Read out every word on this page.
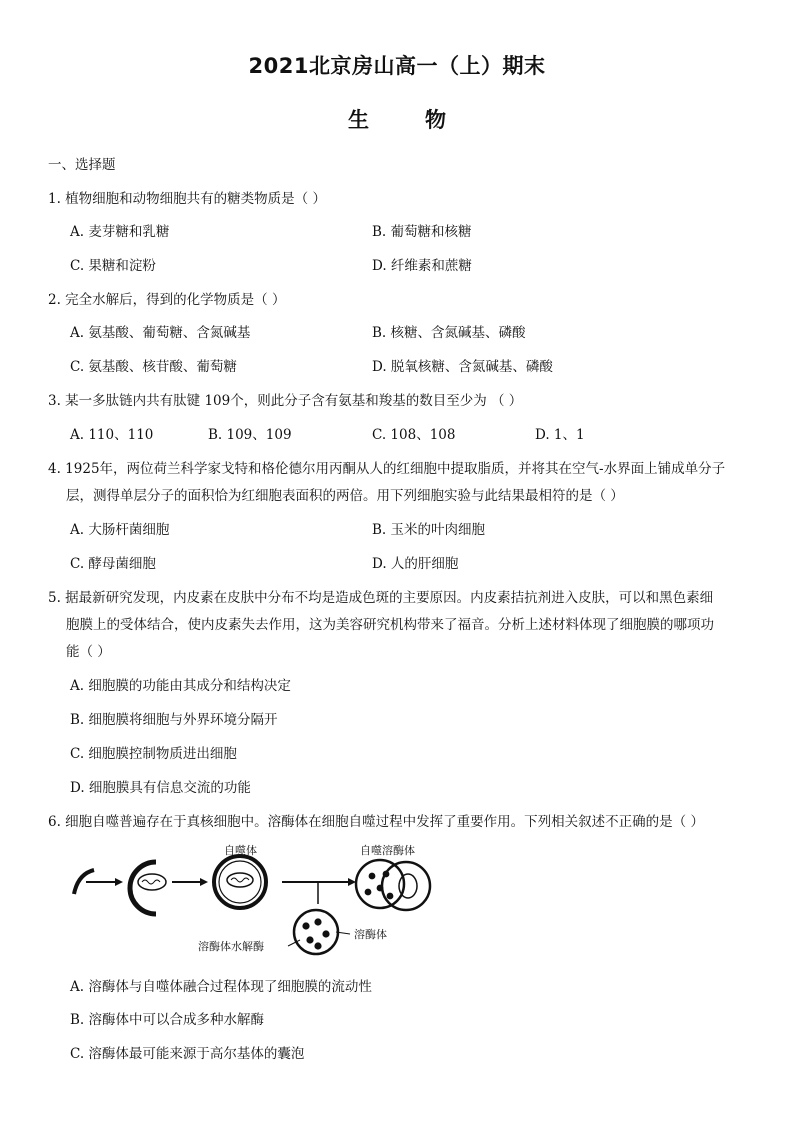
2021北京房山高一（上）期末
生	物
一、选择题
1. 植物细胞和动物细胞共有的糖类物质是（ ）
A. 麦芽糖和乳糖	B. 葡萄糖和核糖
C. 果糖和淀粉	D. 纤维素和蔗糖
2. 完全水解后，得到的化学物质是（ ）
A. 氨基酸、葡萄糖、含氮碱基	B. 核糖、含氮碱基、磷酸
C. 氨基酸、核苷酸、葡萄糖	D. 脱氧核糖、含氮碱基、磷酸
3. 某一多肽链内共有肽键 109个，则此分子含有氨基和羧基的数目至少为 （ ）
A. 110、110	B. 109、109	C. 108、108	D. 1、1
4. 1925年，两位荷兰科学家戈特和格伦德尔用丙酮从人的红细胞中提取脂质，并将其在空气-水界面上铺成单分子
层，测得单层分子的面积恰为红细胞表面积的两倍。用下列细胞实验与此结果最相符的是（ ）
A. 大肠杆菌细胞	B. 玉米的叶肉细胞
C. 酵母菌细胞	D. 人的肝细胞
5. 据最新研究发现，内皮素在皮肤中分布不均是造成色斑的主要原因。内皮素拮抗剂进入皮肤，可以和黑色素细
胞膜上的受体结合，使内皮素失去作用，这为美容研究机构带来了福音。分析上述材料体现了细胞膜的哪项功
能（ ）
A. 细胞膜的功能由其成分和结构决定
B. 细胞膜将细胞与外界环境分隔开
C. 细胞膜控制物质进出细胞
D. 细胞膜具有信息交流的功能
6. 细胞自噬普遍存在于真核细胞中。溶酶体在细胞自噬过程中发挥了重要作用。下列相关叙述不正确的是（ ）
自噬体	自噬溶酶体
溶酶体水解酶
溶酶体
A. 溶酶体与自噬体融合过程体现了细胞膜的流动性
B. 溶酶体中可以合成多种水解酶
C. 溶酶体最可能来源于高尔基体的囊泡
